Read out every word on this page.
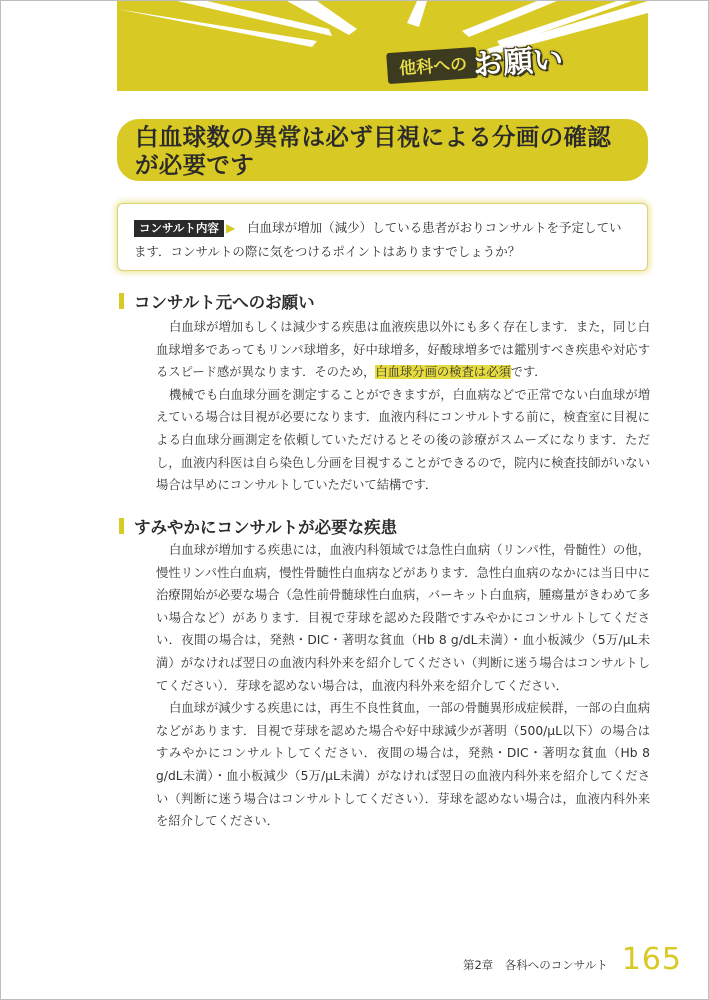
他科への お願い
白血球数の異常は必ず目視による分画の確認
が必要です
コンサルト内容 ▶ 白血球が増加（減少）している患者がおりコンサルトを予定しています．コンサルトの際に気をつけるポイントはありますでしょうか？
コンサルト元へのお願い

白血球が増加もしくは減少する疾患は血液疾患以外にも多く存在します．また，同じ白血球増多であってもリンパ球増多，好中球増多，好酸球増多では鑑別すべき疾患や対応するスピード感が異なります．そのため，白血球分画の検査は必須です．

機械でも白血球分画を測定することができますが，白血病などで正常でない白血球が増えている場合は目視が必要になります．血液内科にコンサルトする前に，検査室に目視による白血球分画測定を依頼していただけるとその後の診療がスムーズになります．ただし，血液内科医は自ら染色し分画を目視することができるので，院内に検査技師がいない場合は早めにコンサルトしていただいて結構です．

すみやかにコンサルトが必要な疾患

白血球が増加する疾患には，血液内科領域では急性白血病（リンパ性，骨髄性）の他，慢性リンパ性白血病，慢性骨髄性白血病などがあります．急性白血病のなかには当日中に治療開始が必要な場合（急性前骨髄球性白血病，バーキット白血病，腫瘍量がきわめて多い場合など）があります．目視で芽球を認めた段階ですみやかにコンサルトしてください．夜間の場合は，発熱・DIC・著明な貧血（Hb 8 g/dL未満）・血小板減少（5万/μL未満）がなければ翌日の血液内科外来を紹介してください（判断に迷う場合はコンサルトしてください）．芽球を認めない場合は，血液内科外来を紹介してください．

白血球が減少する疾患には，再生不良性貧血，一部の骨髄異形成症候群，一部の白血病などがあります．目視で芽球を認めた場合や好中球減少が著明（500/μL以下）の場合はすみやかにコンサルトしてください．夜間の場合は，発熱・DIC・著明な貧血（Hb 8 g/dL未満）・血小板減少（5万/μL未満）がなければ翌日の血液内科外来を紹介してください（判断に迷う場合はコンサルトしてください）．芽球を認めない場合は，血液内科外来を紹介してください．

第2章　各科へのコンサルト 165
